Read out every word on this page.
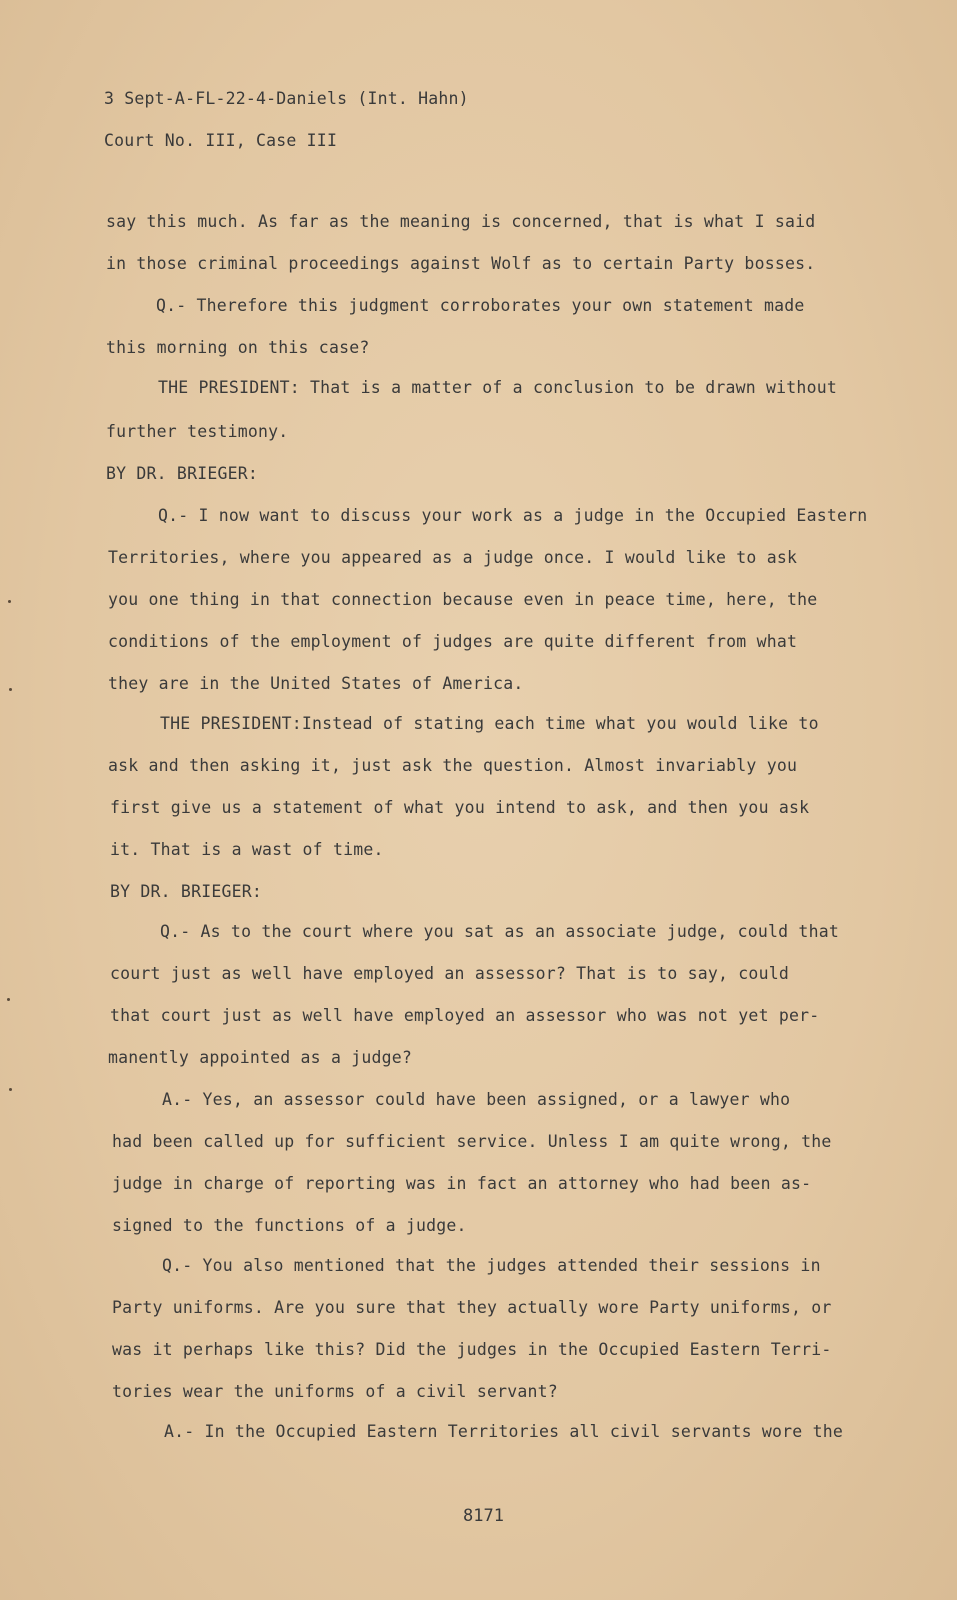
3 Sept-A-FL-22-4-Daniels (Int. Hahn)
Court No. III, Case III
say this much. As far as the meaning is concerned, that is what I said
in those criminal proceedings against Wolf as to certain Party bosses.
Q.- Therefore this judgment corroborates your own statement made
this morning on this case?
THE PRESIDENT: That is a matter of a conclusion to be drawn without
further testimony.
BY DR. BRIEGER:
Q.- I now want to discuss your work as a judge in the Occupied Eastern
Territories, where you appeared as a judge once. I would like to ask
you one thing in that connection because even in peace time, here, the
conditions of the employment of judges are quite different from what
they are in the United States of America.
THE PRESIDENT:Instead of stating each time what you would like to
ask and then asking it, just ask the question. Almost invariably you
first give us a statement of what you intend to ask, and then you ask
it. That is a wast of time.
BY DR. BRIEGER:
Q.- As to the court where you sat as an associate judge, could that
court just as well have employed an assessor? That is to say, could
that court just as well have employed an assessor who was not yet per-
manently appointed as a judge?
A.- Yes, an assessor could have been assigned, or a lawyer who
had been called up for sufficient service. Unless I am quite wrong, the
judge in charge of reporting was in fact an attorney who had been as-
signed to the functions of a judge.
Q.- You also mentioned that the judges attended their sessions in
Party uniforms. Are you sure that they actually wore Party uniforms, or
was it perhaps like this? Did the judges in the Occupied Eastern Terri-
tories wear the uniforms of a civil servant?
A.- In the Occupied Eastern Territories all civil servants wore the
8171
